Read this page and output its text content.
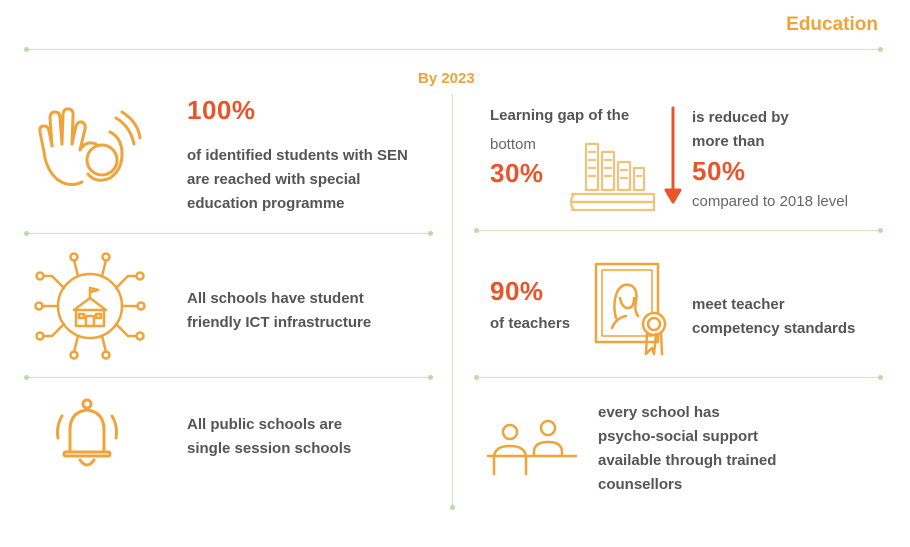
Education
By 2023
100%
of identified students with SEN
are reached with special
education programme
All schools have student
friendly ICT infrastructure
All public schools are
single session schools
Learning gap of the
bottom
30%
is reduced by
more than
50%
compared to 2018 level
90%
of teachers
meet teacher
competency standards
every school has
psycho-social support
available through trained
counsellors
